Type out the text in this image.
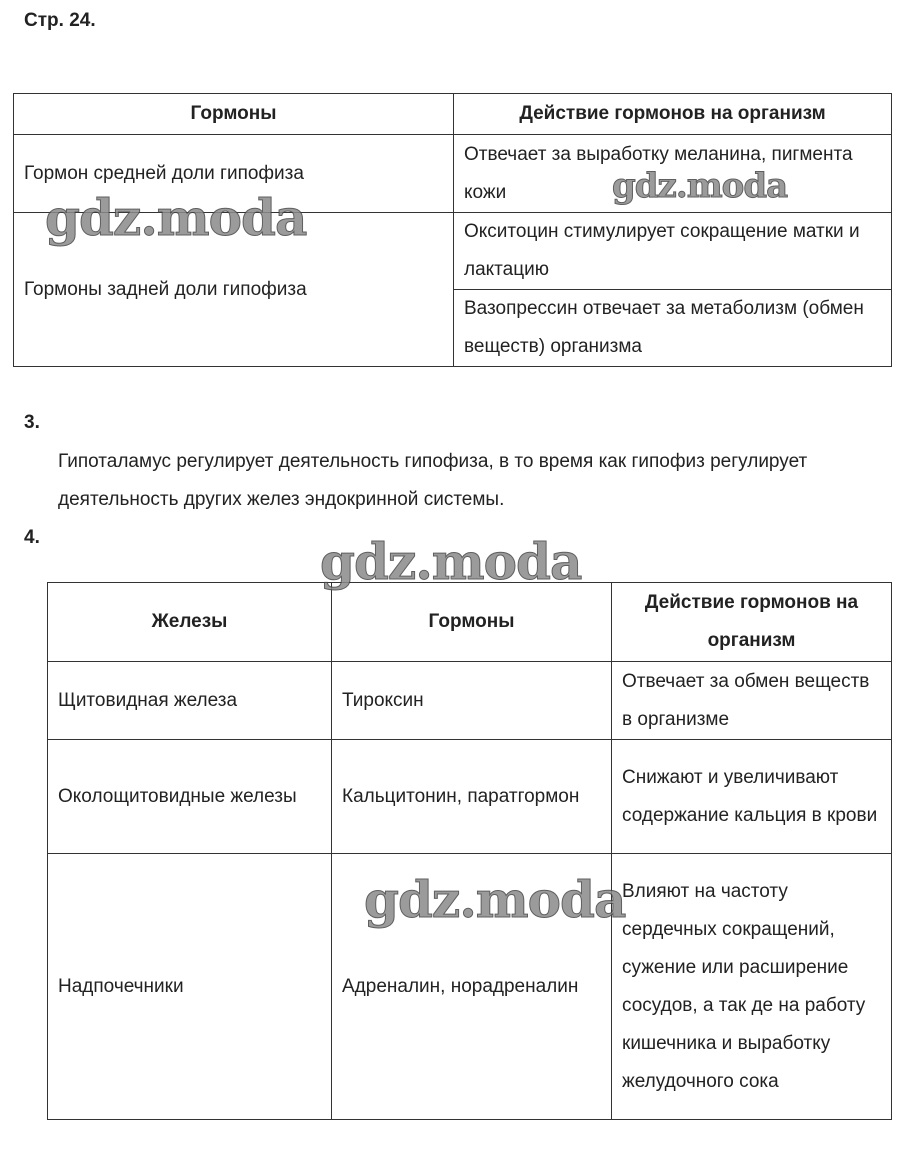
Стр. 24.
Гормоны	Действие гормонов на организм
Гормон средней доли гипофиза	Отвечает за выработку меланина, пигмента кожи
Гормоны задней доли гипофиза	Окситоцин стимулирует сокращение матки и лактацию
	Вазопрессин отвечает за метаболизм (обмен веществ) организма
3.
Гипоталамус регулирует деятельность гипофиза, в то время как гипофиз регулирует деятельность других желез эндокринной системы.
4.
Железы	Гормоны	Действие гормонов на организм
Щитовидная железа	Тироксин	Отвечает за обмен веществ в организме
Околощитовидные железы	Кальцитонин, паратгормон	Снижают и увеличивают содержание кальция в крови
Надпочечники	Адреналин, норадреналин	Влияют на частоту сердечных сокращений, сужение или расширение сосудов, а так де на работу кишечника и выработку желудочного сока
gdz.moda
gdz.moda
gdz.moda
gdz.moda
